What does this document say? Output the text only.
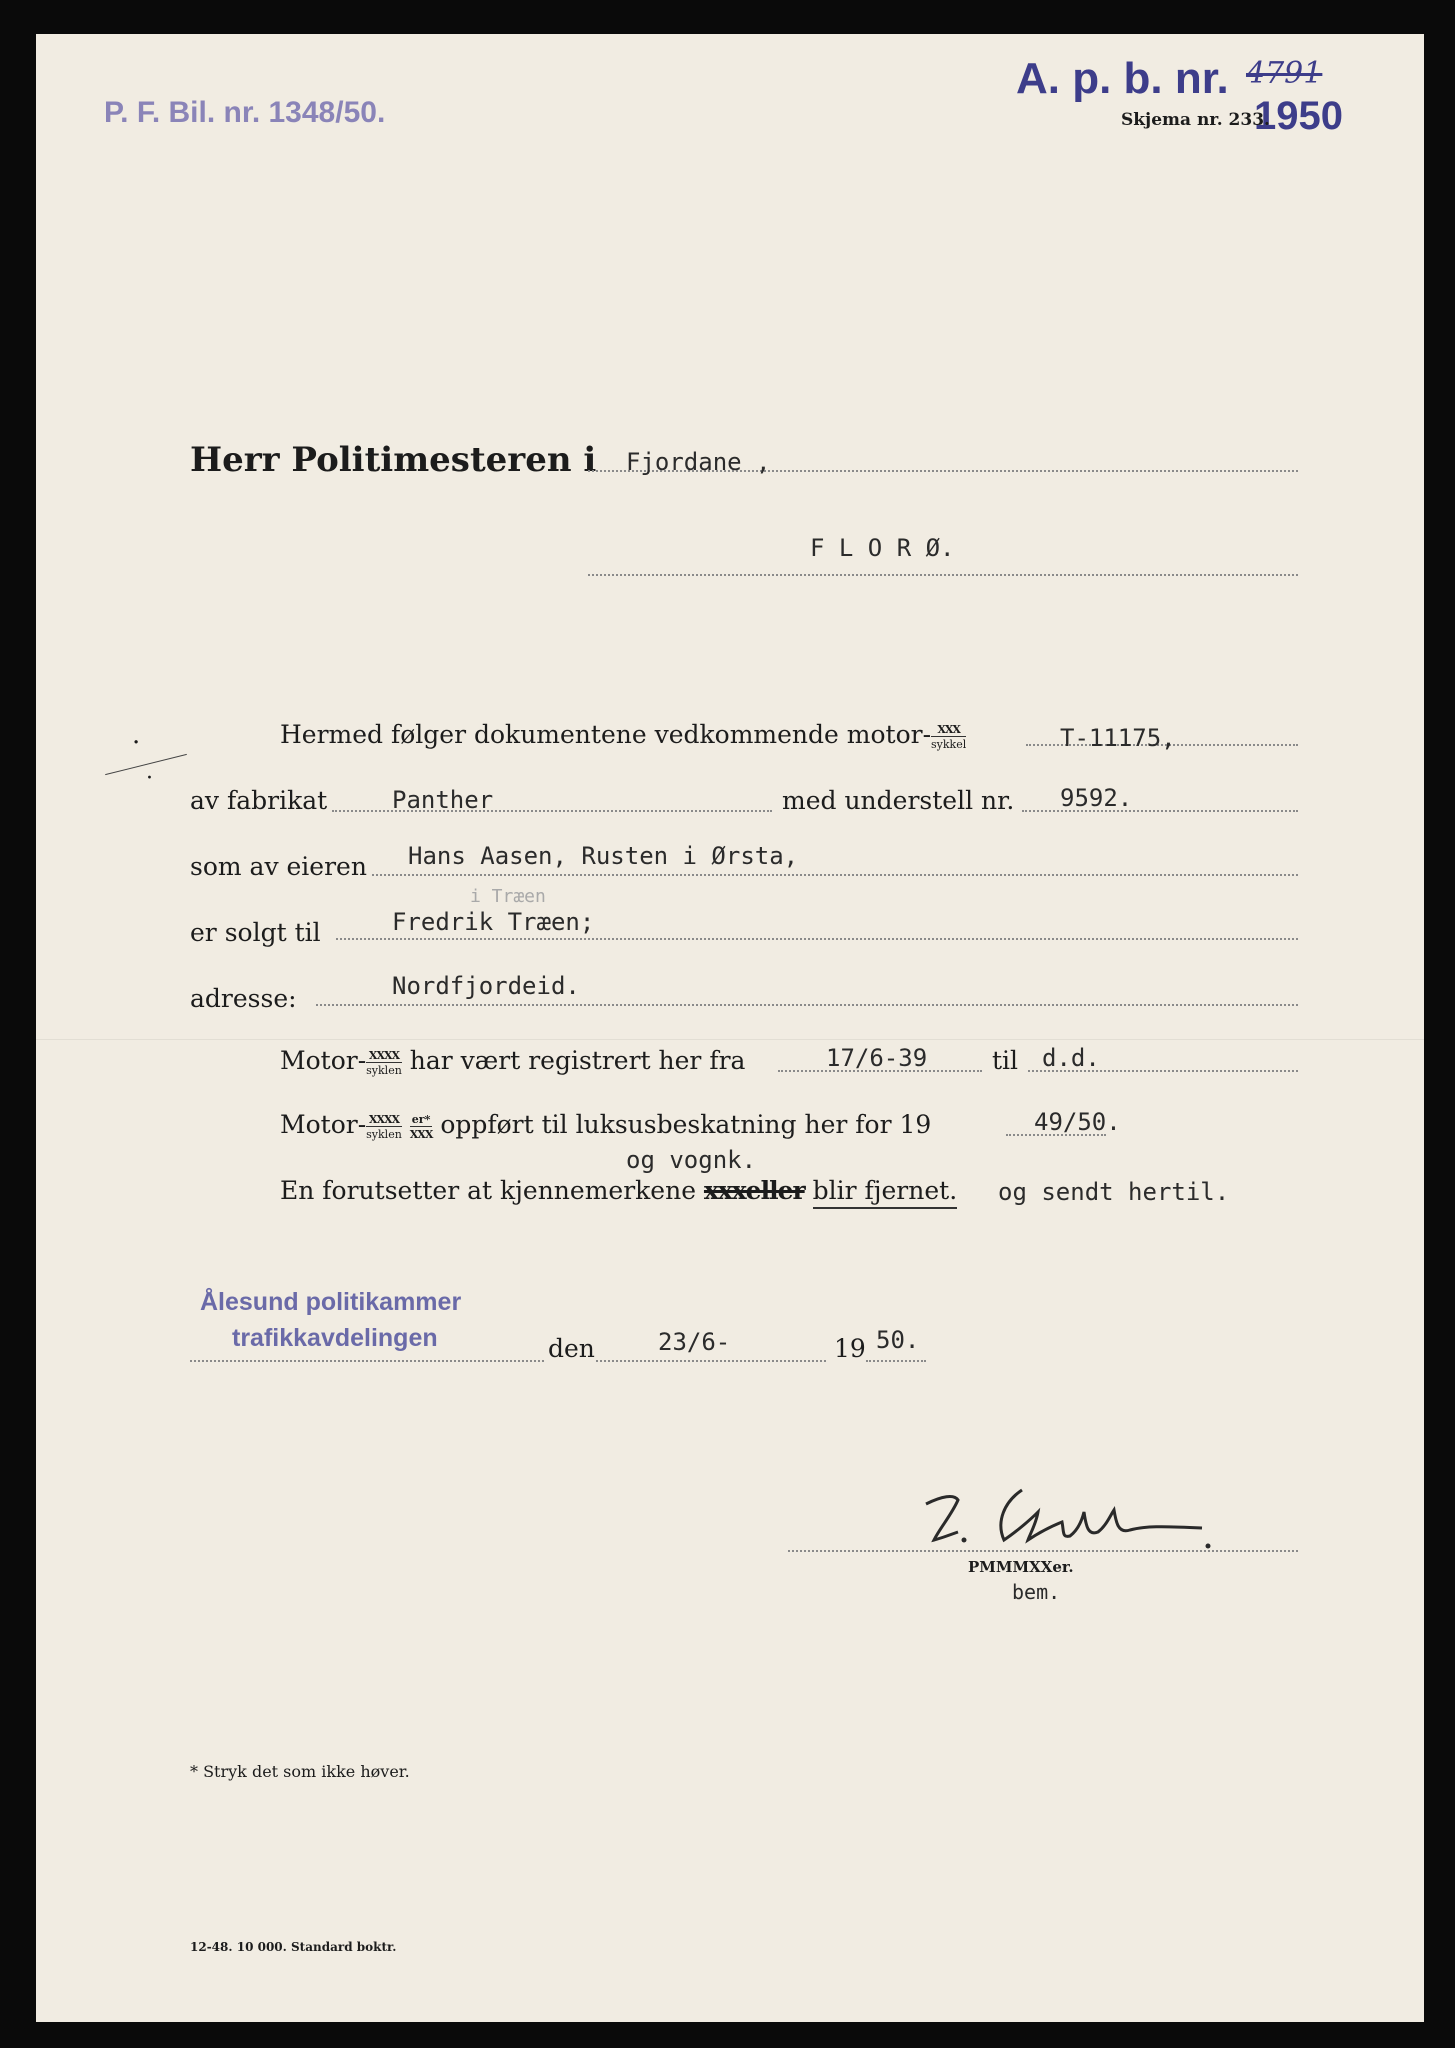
P. F. Bil. nr. 1348/50.
A. p. b. nr. 4791
1950
Skjema nr. 233.
Herr Politimesteren i Fjordane ,
F L O R Ø.
·
·
Hermed følger dokumentene vedkommende motor- $\frac{\text{XXX}}{\text{sykkel}}$	T-11175,
av fabrikat	Panther	med understell nr. 9592.
som av eieren Hans Aasen, Rusten i Ørsta,
i Træen
er solgt til	Fredrik Træen;
adresse:	Nordfjordeid.
Motor- $\frac{\text{XXXX}}{\text{syklen}}$ har vært registrert her fra	17/6-39	til d.d.
Motor- $\frac{\text{XXXX}}{\text{syklen}}$
$\frac{er*}{\text{XXX}}$ oppført til luksusbeskatning her for 19	49/50.
og vognk.
En forutsetter at kjennemerkene xxxeller blir fjernet. og sendt hertil.
Ålesund politikammer
trafikkavdelingen	den	23/6-	19 50.
PMMMXXer.
bem.
* Stryk det som ikke høver.
12-48. 10 000. Standard boktr.
